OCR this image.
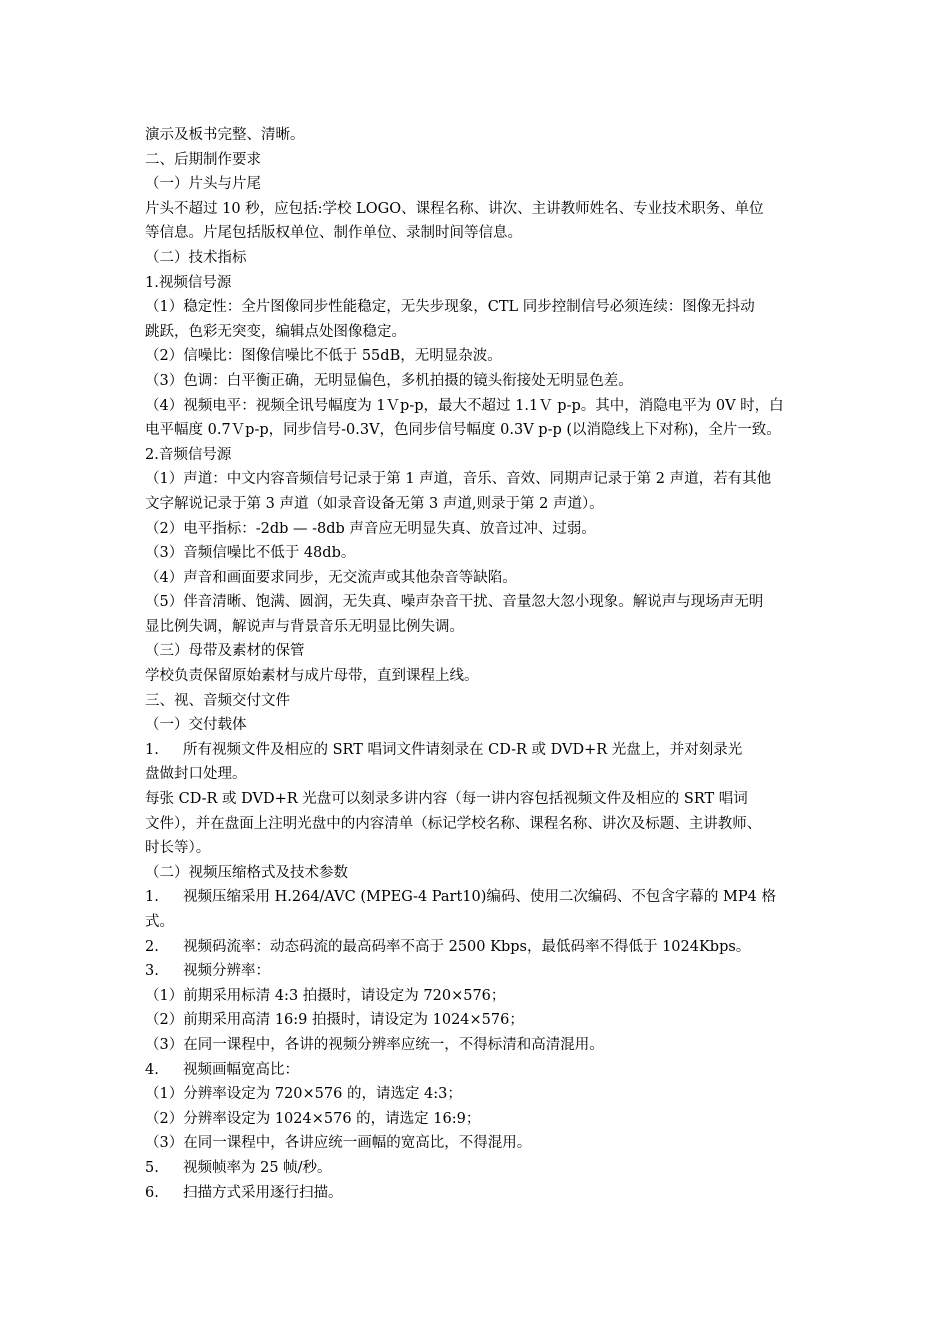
演示及板书完整、清晰。
二、后期制作要求
（一）片头与片尾
片头不超过 10 秒，应包括:学校 LOGO、课程名称、讲次、主讲教师姓名、专业技术职务、单位
等信息。片尾包括版权单位、制作单位、录制时间等信息。
（二）技术指标
1.视频信号源
（1）稳定性：全片图像同步性能稳定，无失步现象，CTL 同步控制信号必须连续：图像无抖动
跳跃，色彩无突变，编辑点处图像稳定。
（2）信噪比：图像信噪比不低于 55dB，无明显杂波。
（3）色调：白平衡正确，无明显偏色，多机拍摄的镜头衔接处无明显色差。
（4）视频电平：视频全讯号幅度为 1Ｖp-p，最大不超过 1.1Ｖ p-p。其中，消隐电平为 0V 时，白
电平幅度 0.7Ｖp-p，同步信号-0.3V，色同步信号幅度 0.3V p-p (以消隐线上下对称)，全片一致。
2.音频信号源
（1）声道：中文内容音频信号记录于第 1 声道，音乐、音效、同期声记录于第 2 声道，若有其他
文字解说记录于第 3 声道（如录音设备无第 3 声道,则录于第 2 声道）。
（2）电平指标：-2db — -8db 声音应无明显失真、放音过冲、过弱。
（3）音频信噪比不低于 48db。
（4）声音和画面要求同步，无交流声或其他杂音等缺陷。
（5）伴音清晰、饱满、圆润，无失真、噪声杂音干扰、音量忽大忽小现象。解说声与现场声无明
显比例失调，解说声与背景音乐无明显比例失调。
（三）母带及素材的保管
学校负责保留原始素材与成片母带，直到课程上线。
三、视、音频交付文件
（一）交付载体
1. 所有视频文件及相应的 SRT 唱词文件请刻录在 CD-R 或 DVD+R 光盘上，并对刻录光
盘做封口处理。
每张 CD-R 或 DVD+R 光盘可以刻录多讲内容（每一讲内容包括视频文件及相应的 SRT 唱词
文件），并在盘面上注明光盘中的内容清单（标记学校名称、课程名称、讲次及标题、主讲教师、
时长等）。
（二）视频压缩格式及技术参数
1. 视频压缩采用 H.264/AVC (MPEG-4 Part10)编码、使用二次编码、不包含字幕的 MP4 格
式。
2. 视频码流率：动态码流的最高码率不高于 2500 Kbps，最低码率不得低于 1024Kbps。
3. 视频分辨率：
（1）前期采用标清 4:3 拍摄时，请设定为 720×576；
（2）前期采用高清 16:9 拍摄时，请设定为 1024×576；
（3）在同一课程中，各讲的视频分辨率应统一，不得标清和高清混用。
4. 视频画幅宽高比：
（1）分辨率设定为 720×576 的，请选定 4:3；
（2）分辨率设定为 1024×576 的，请选定 16:9；
（3）在同一课程中，各讲应统一画幅的宽高比，不得混用。
5. 视频帧率为 25 帧/秒。
6. 扫描方式采用逐行扫描。
